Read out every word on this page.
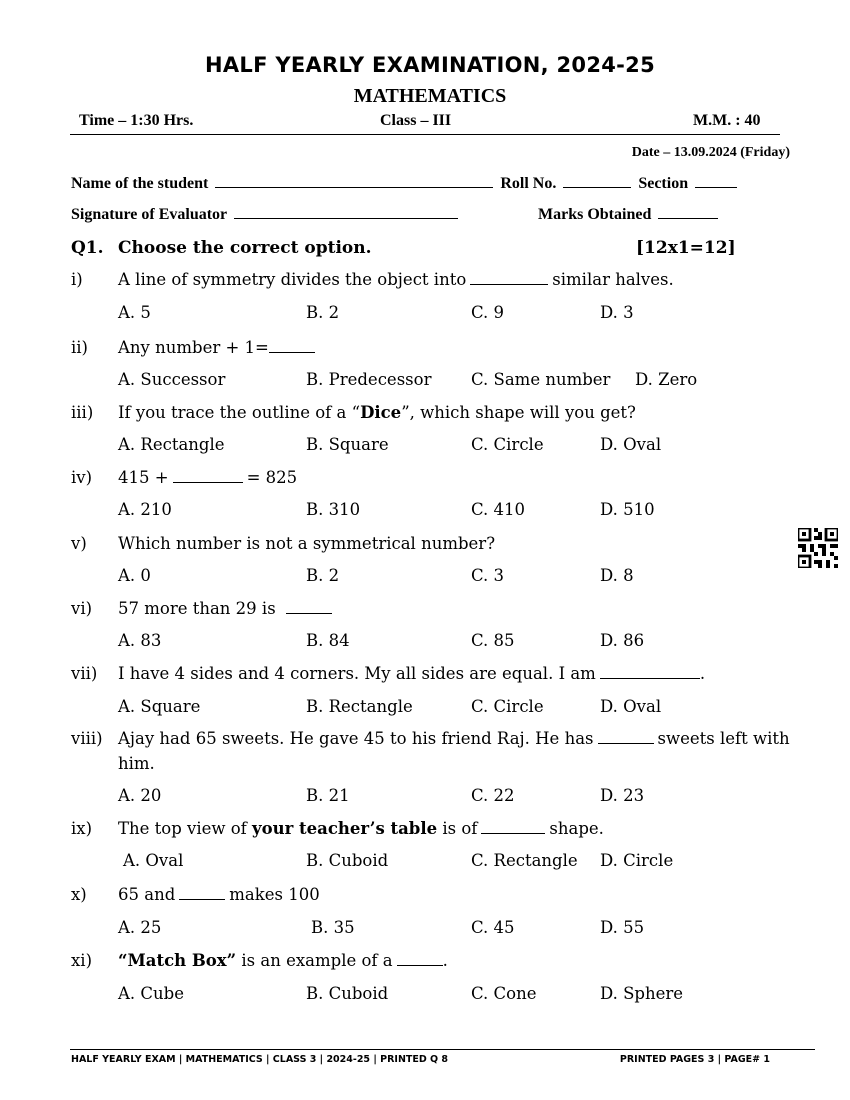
HALF YEARLY EXAMINATION, 2024-25
MATHEMATICS
Time – 1:30 Hrs.	Class – III	M.M. : 40
Date – 13.09.2024 (Friday)
Name of the student	Roll No.	Section
Signature of Evaluator	Marks Obtained
Q1. Choose the correct option.	[12x1=12]
i) A line of symmetry divides the object into	similar halves.
A. 5	B. 2	C. 9	D. 3
ii) Any number + 1=
A. Successor	B. Predecessor C. Same number D. Zero
iii) If you trace the outline of a “Dice”, which shape will you get?
A. Rectangle	B. Square	C. Circle	D. Oval
iv) 415 +	= 825
A. 210	B. 310	C. 410	D. 510
v) Which number is not a symmetrical number?
A. 0	B. 2	C. 3	D. 8
vi) 57 more than 29 is
A. 83	B. 84	C. 85	D. 86
vii) I have 4 sides and 4 corners. My all sides are equal. I am	.
A. Square	B. Rectangle	C. Circle	D. Oval
viii) Ajay had 65 sweets. He gave 45 to his friend Raj. He has	sweets left with
him.
A. 20	B. 21	C. 22	D. 23
ix) The top view of your teacher’s table is of	shape.
A. Oval	B. Cuboid	C. Rectangle D. Circle
x) 65 and	makes 100
A. 25	B. 35	C. 45	D. 55
xi) “Match Box” is an example of a	.
A. Cube	B. Cuboid	C. Cone	D. Sphere
HALF YEARLY EXAM | MATHEMATICS | CLASS 3 | 2024-25 | PRINTED Q 8	PRINTED PAGES 3 | PAGE# 1
